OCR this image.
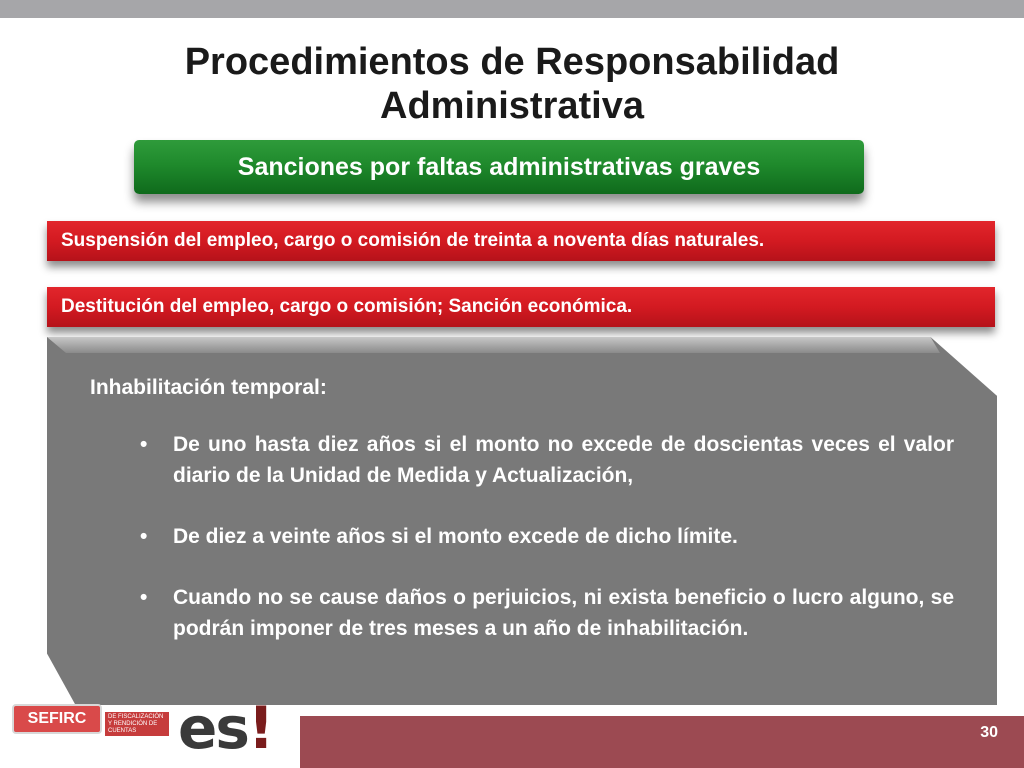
Procedimientos de Responsabilidad
Administrativa
Sanciones por faltas administrativas graves
Suspensión del empleo, cargo o comisión de treinta a noventa días naturales.
Destitución del empleo, cargo o comisión; Sanción económica.

Inhabilitación temporal:

• De uno hasta diez años si el monto no excede de doscientas veces el valor diario de la Unidad de Medida y Actualización,
• De diez a veinte años si el monto excede de dicho límite.
• Cuando no se cause daños o perjuicios, ni exista beneficio o lucro alguno, se podrán imponer de tres meses a un año de inhabilitación.
SEFIRC	DE FISCALIZACIÓN Y RENDICIÓN DE CUENTAS es!	30
